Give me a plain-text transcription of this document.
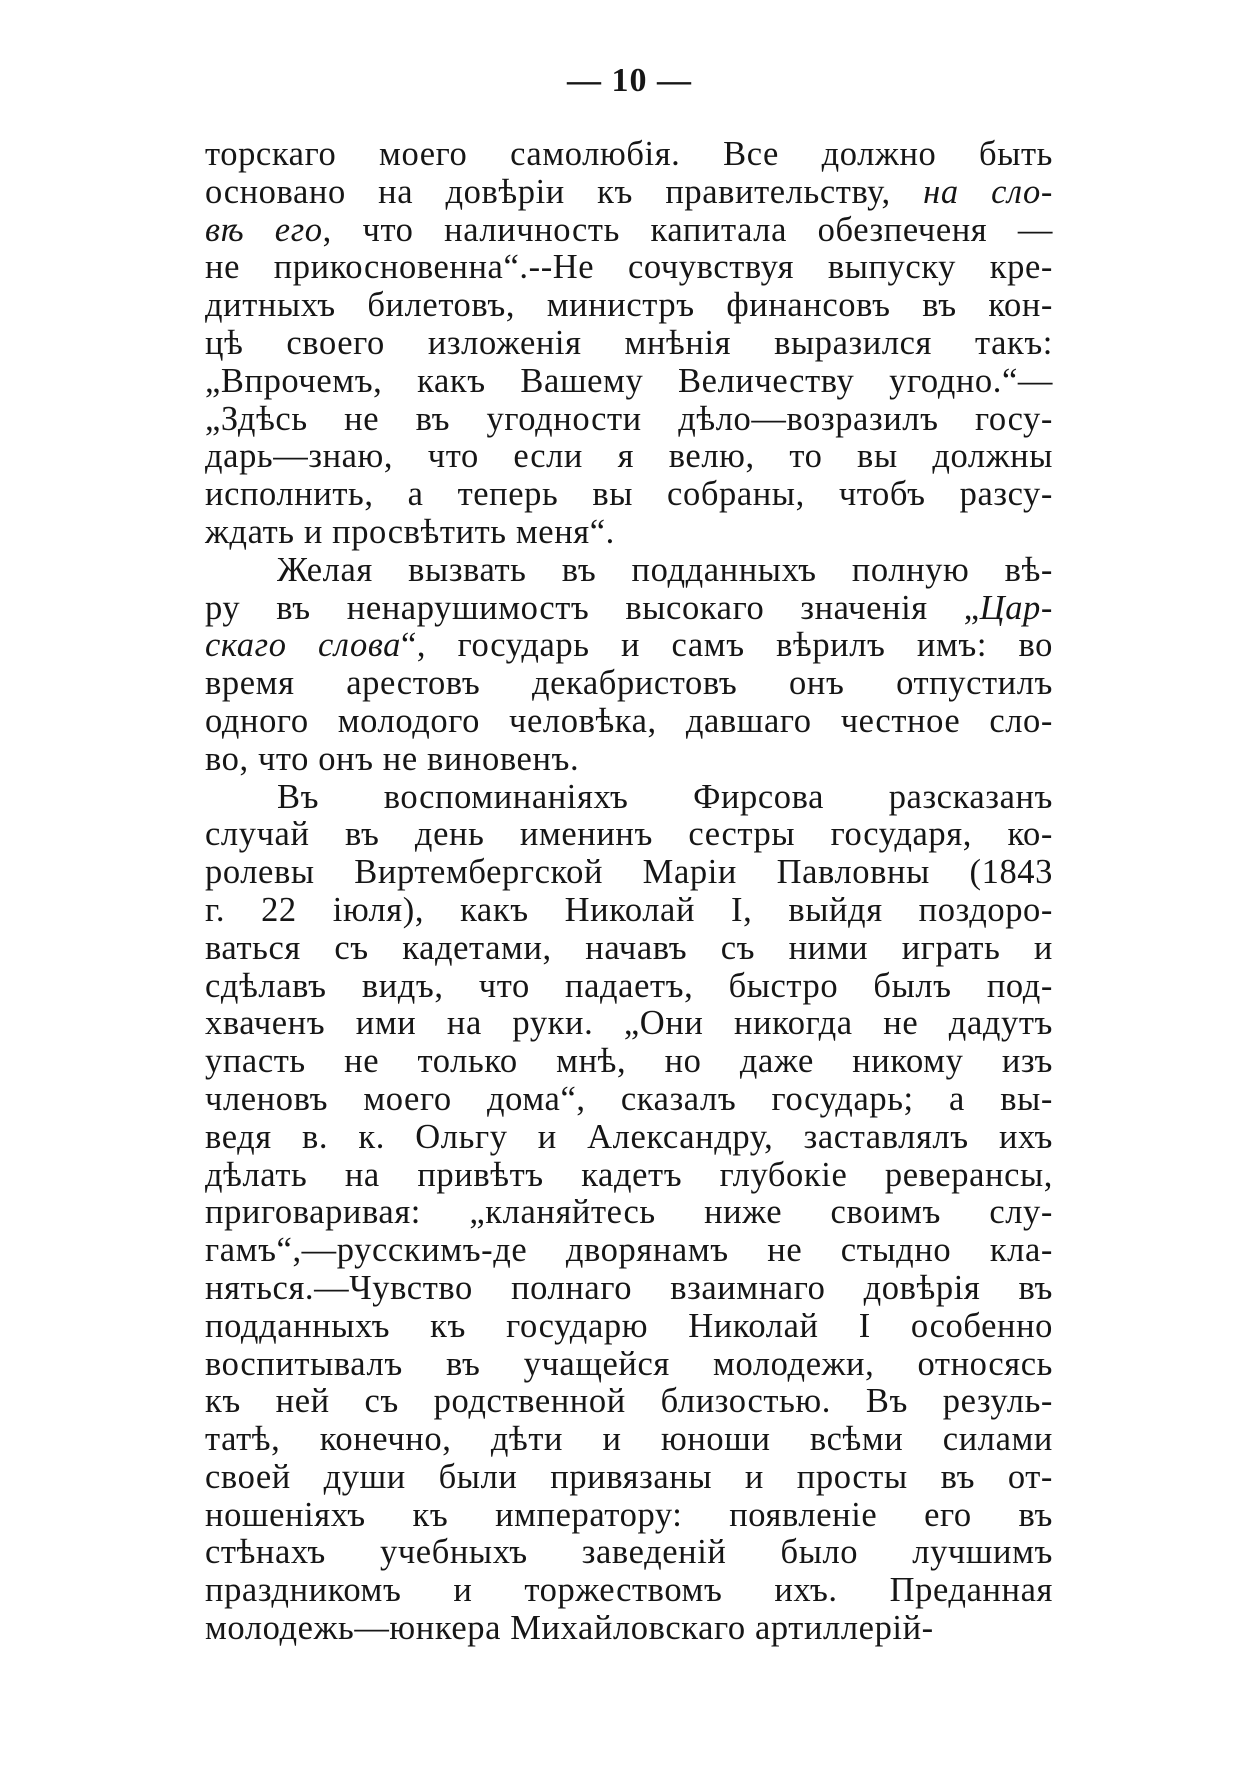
— 10 —
торскаго моего самолюбія. Все должно быть
основано на довѣріи къ правительству, на сло-
вѣ его, что наличность капитала обезпеченя —
не прикосновенна“.--Не сочувствуя выпуску кре-
дитныхъ билетовъ, министръ финансовъ въ кон-
цѣ своего изложенія мнѣнія выразился такъ:
„Впрочемъ, какъ Вашему Величеству угодно.“—
„Здѣсь не въ угодности дѣло—возразилъ госу-
дарь—знаю, что если я велю, то вы должны
исполнить, а теперь вы собраны, чтобъ разсу-
ждать и просвѣтить меня“.
Желая вызвать въ подданныхъ полную вѣ-
ру въ ненарушимостъ высокаго значенія „Цар-
скаго слова“, государь и самъ вѣрилъ имъ: во
время арестовъ декабристовъ онъ отпустилъ
одного молодого человѣка, давшаго честное сло-
во, что онъ не виновенъ.
Въ воспоминаніяхъ Фирсова разсказанъ
случай въ день именинъ сестры государя, ко-
ролевы Виртембергской Маріи Павловны (1843
г. 22 іюля), какъ Николай І, выйдя поздоро-
ваться съ кадетами, начавъ съ ними играть и
сдѣлавъ видъ, что падаетъ, быстро былъ под-
хваченъ ими на руки. „Они никогда не дадутъ
упасть не только мнѣ, но даже никому изъ
членовъ моего дома“, сказалъ государь; а вы-
ведя в. к. Ольгу и Александру, заставлялъ ихъ
дѣлать на привѣтъ кадетъ глубокіе реверансы,
приговаривая: „кланяйтесь ниже своимъ слу-
гамъ“,—русскимъ-де дворянамъ не стыдно кла-
няться.—Чувство полнаго взаимнаго довѣрія въ
подданныхъ къ государю Николай І особенно
воспитывалъ въ учащейся молодежи, относясь
къ ней съ родственной близостью. Въ резуль-
татѣ, конечно, дѣти и юноши всѣми силами
своей души были привязаны и просты въ от-
ношеніяхъ къ императору: появленіе его въ
стѣнахъ учебныхъ заведеній было лучшимъ
праздникомъ и торжествомъ ихъ. Преданная
молодежь—юнкера Михайловскаго артиллерій-
